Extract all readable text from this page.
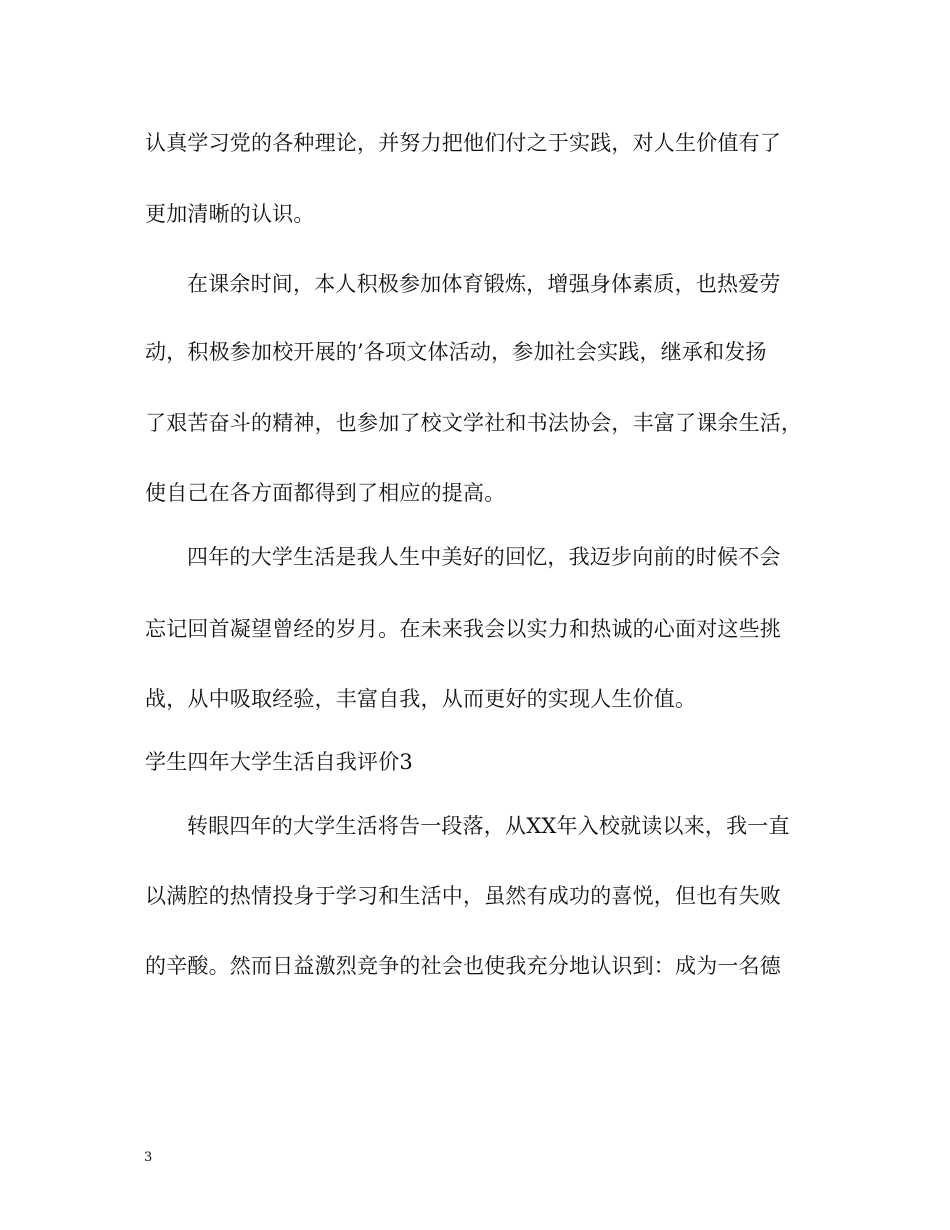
认真学习党的各种理论，并努力把他们付之于实践，对人生价值有了
更加清晰的认识。
在课余时间，本人积极参加体育锻炼，增强身体素质，也热爱劳
动，积极参加校开展的’各项文体活动，参加社会实践，继承和发扬
了艰苦奋斗的精神，也参加了校文学社和书法协会，丰富了课余生活，
使自己在各方面都得到了相应的提高。
四年的大学生活是我人生中美好的回忆，我迈步向前的时候不会
忘记回首凝望曾经的岁月。在未来我会以实力和热诚的心面对这些挑
战，从中吸取经验，丰富自我，从而更好的实现人生价值。
学生四年大学生活自我评价3
转眼四年的大学生活将告一段落，从XX年入校就读以来，我一直
以满腔的热情投身于学习和生活中，虽然有成功的喜悦，但也有失败
的辛酸。然而日益激烈竞争的社会也使我充分地认识到：成为一名德
3
